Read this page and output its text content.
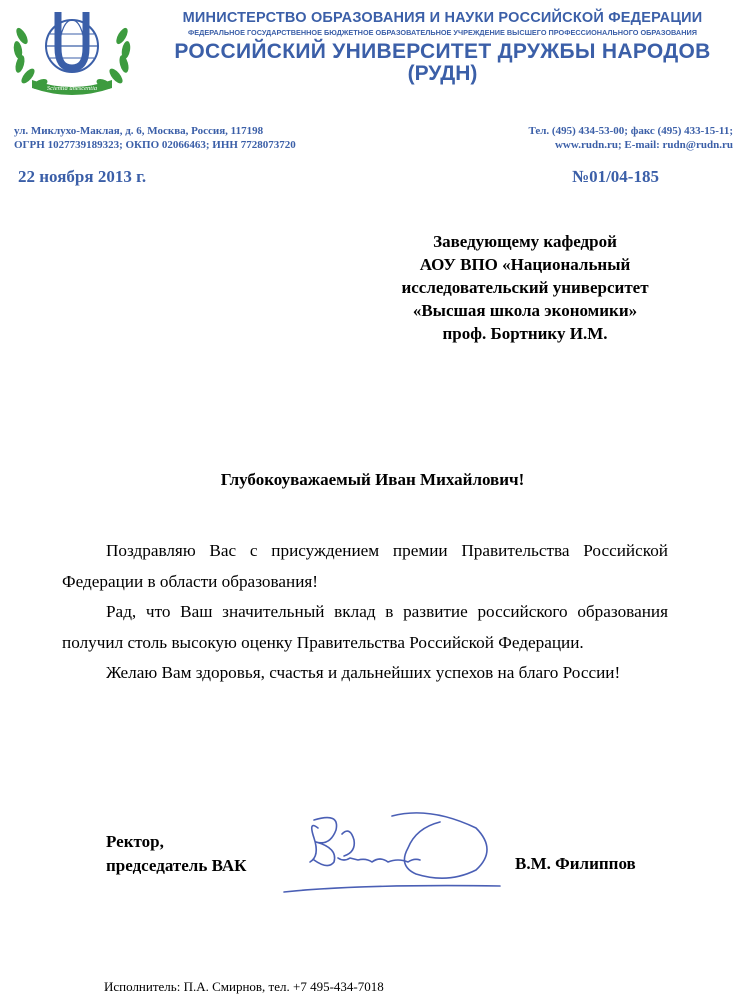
Scientia unescentia
МИНИСТЕРСТВО ОБРАЗОВАНИЯ И НАУКИ РОССИЙСКОЙ ФЕДЕРАЦИИ
ФЕДЕРАЛЬНОЕ ГОСУДАРСТВЕННОЕ БЮДЖЕТНОЕ ОБРАЗОВАТЕЛЬНОЕ УЧРЕЖДЕНИЕ ВЫСШЕГО ПРОФЕССИОНАЛЬНОГО ОБРАЗОВАНИЯ
РОССИЙСКИЙ УНИВЕРСИТЕТ ДРУЖБЫ НАРОДОВ
(РУДН)
ул. Миклухо-Маклая, д. 6, Москва, Россия, 117198
ОГРН 1027739189323; ОКПО 02066463; ИНН 7728073720
Тел. (495) 434-53-00; факс (495) 433-15-11;
www.rudn.ru; E-mail: rudn@rudn.ru
22 ноября 2013 г.	№01/04-185
Заведующему кафедрой
АОУ ВПО «Национальный
исследовательский университет
«Высшая школа экономики»
проф. Бортнику И.М.
Глубокоуважаемый Иван Михайлович!

Поздравляю Вас с присуждением премии Правительства Российской Федерации в области образования!

Рад, что Ваш значительный вклад в развитие российского образования получил столь высокую оценку Правительства Российской Федерации.

Желаю Вам здоровья, счастья и дальнейших успехов на благо России!

Ректор,
председатель ВАК	В.М. Филиппов
Исполнитель: П.А. Смирнов, тел. +7 495-434-7018
